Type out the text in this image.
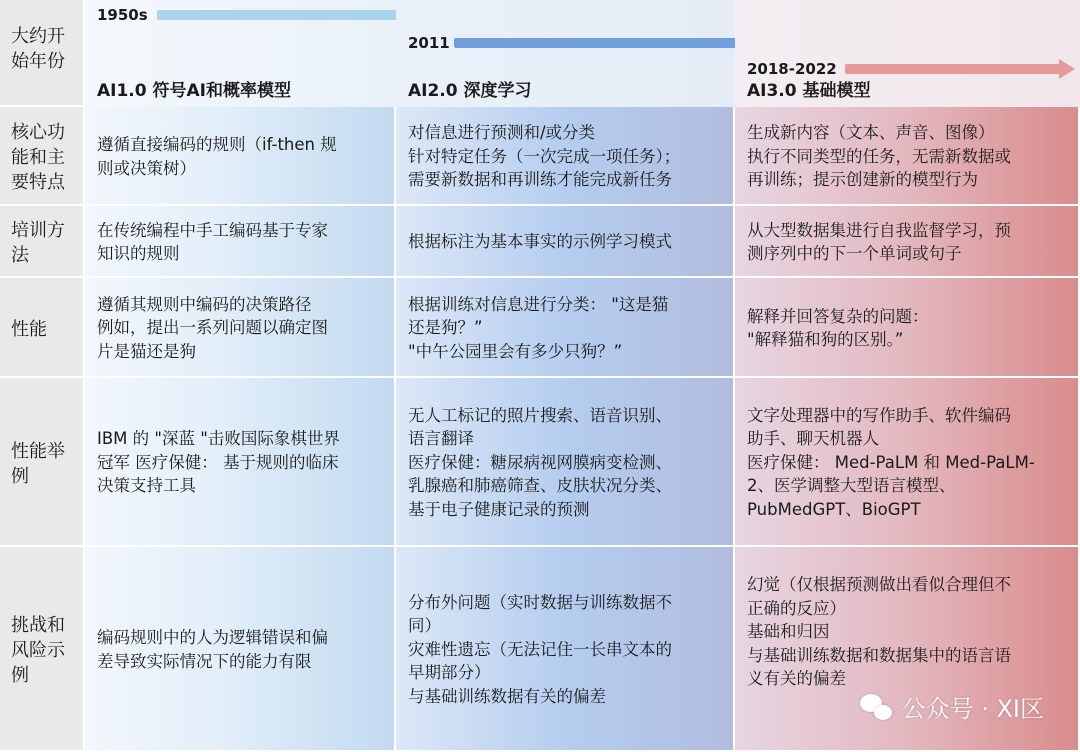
大约开
始年份
1950s
AI1.0 符号AI和概率模型
2011
AI2.0 深度学习
2018-2022
AI3.0 基础模型
核心功
能和主
要特点
遵循直接编码的规则（if-then 规
则或决策树）
对信息进行预测和/或分类
针对特定任务（一次完成一项任务）；
需要新数据和再训练才能完成新任务
生成新内容（文本、声音、图像）
执行不同类型的任务，无需新数据或
再训练；提示创建新的模型行为
培训方
法
在传统编程中手工编码基于专家
知识的规则
根据标注为基本事实的示例学习模式
从大型数据集进行自我监督学习，预
测序列中的下一个单词或句子
性能
遵循其规则中编码的决策路径
例如，提出一系列问题以确定图
片是猫还是狗
根据训练对信息进行分类： "这是猫
还是狗？”
"中午公园里会有多少只狗？”
解释并回答复杂的问题：
"解释猫和狗的区别。”
性能举
例
IBM 的 "深蓝 "击败国际象棋世界
冠军 医疗保健： 基于规则的临床
决策支持工具
无人工标记的照片搜索、语音识别、
语言翻译
医疗保健：糖尿病视网膜病变检测、
乳腺癌和肺癌筛查、皮肤状况分类、
基于电子健康记录的预测
文字处理器中的写作助手、软件编码
助手、聊天机器人
医疗保健： Med-PaLM 和 Med-PaLM-
2、医学调整大型语言模型、
PubMedGPT、BioGPT
挑战和
风险示
例
编码规则中的人为逻辑错误和偏
差导致实际情况下的能力有限
分布外问题（实时数据与训练数据不
同）
灾难性遗忘（无法记住一长串文本的
早期部分）
与基础训练数据有关的偏差
幻觉（仅根据预测做出看似合理但不
正确的反应）
基础和归因
与基础训练数据和数据集中的语言语
义有关的偏差
公众号 · XI区
